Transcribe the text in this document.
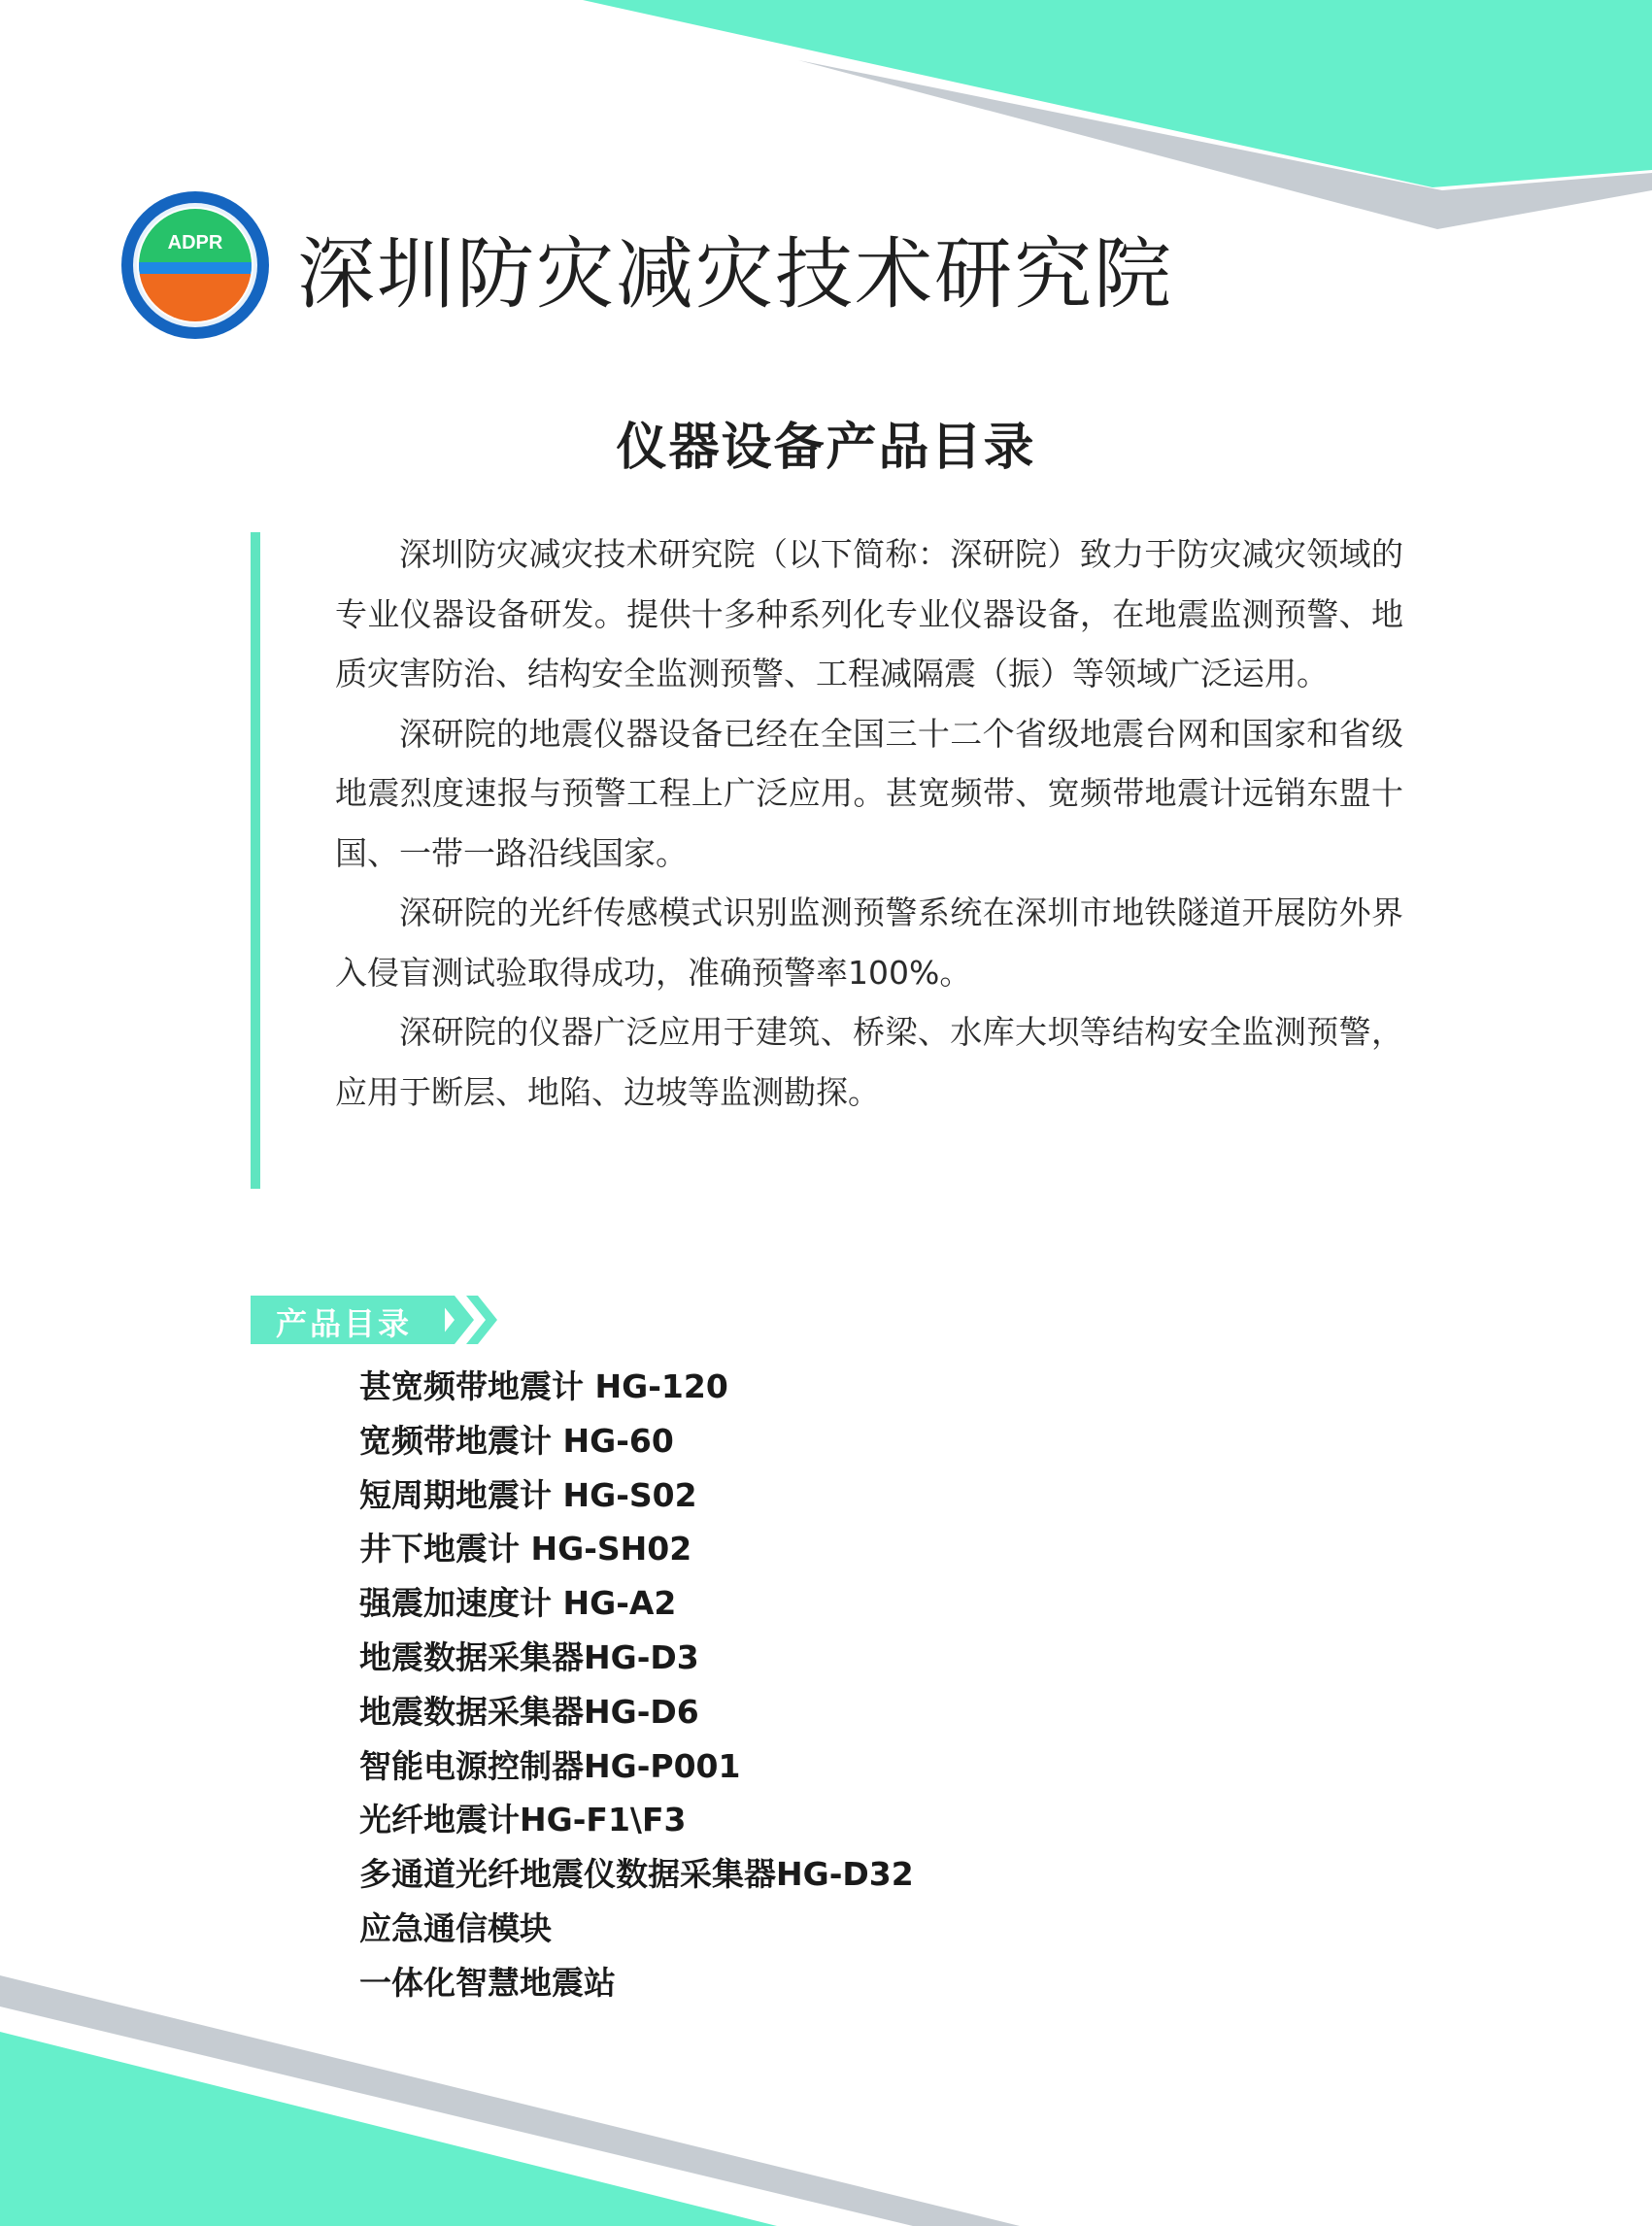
ADPR 深圳防灾减灾技术研究院
仪器设备产品目录

深圳防灾减灾技术研究院（以下简称：深研院）致力于防灾减灾领域的专业仪器设备研发。提供十多种系列化专业仪器设备，在地震监测预警、地质灾害防治、结构安全监测预警、工程减隔震（振）等领域广泛运用。

深研院的地震仪器设备已经在全国三十二个省级地震台网和国家和省级地震烈度速报与预警工程上广泛应用。甚宽频带、宽频带地震计远销东盟十国、一带一路沿线国家。

深研院的光纤传感模式识别监测预警系统在深圳市地铁隧道开展防外界入侵盲测试验取得成功，准确预警率100%。

深研院的仪器广泛应用于建筑、桥梁、水库大坝等结构安全监测预警，应用于断层、地陷、边坡等监测勘探。

产品目录
甚宽频带地震计 HG-120
宽频带地震计 HG-60
短周期地震计 HG-S02
井下地震计 HG-SH02
强震加速度计 HG-A2
地震数据采集器HG-D3
地震数据采集器HG-D6
智能电源控制器HG-P001
光纤地震计HG-F1\F3
多通道光纤地震仪数据采集器HG-D32
应急通信模块
一体化智慧地震站
